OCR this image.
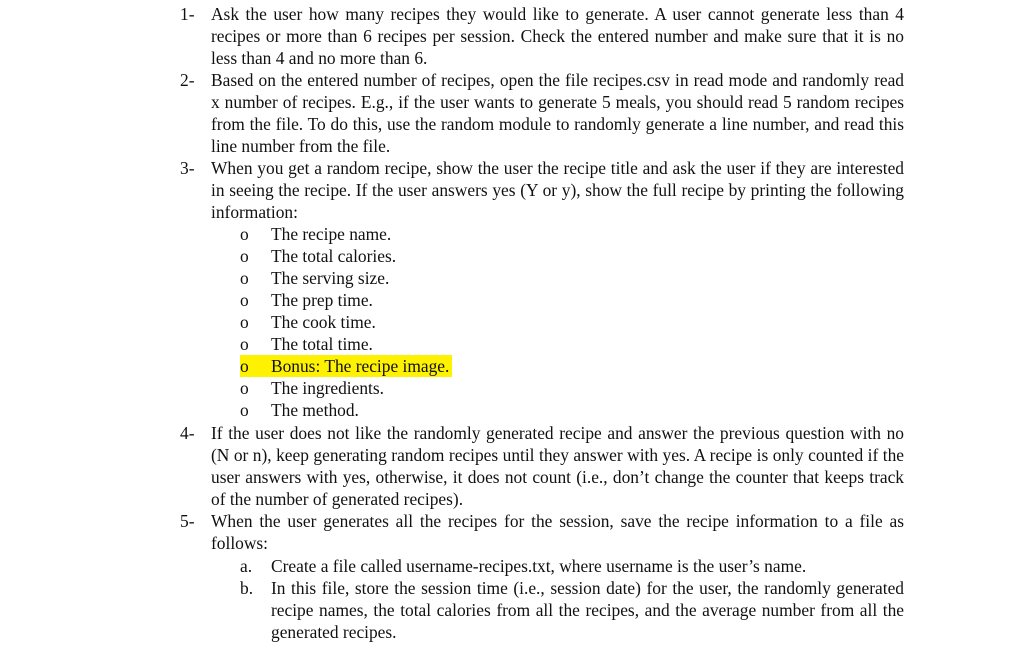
1- Ask the user how many recipes they would like to generate. A user cannot generate less than 4 recipes or more than 6 recipes per session. Check the entered number and make sure that it is no less than 4 and no more than 6.
2- Based on the entered number of recipes, open the file recipes.csv in read mode and randomly read x number of recipes. E.g., if the user wants to generate 5 meals, you should read 5 random recipes from the file. To do this, use the random module to randomly generate a line number, and read this line number from the file.
3- When you get a random recipe, show the user the recipe title and ask the user if they are interested in seeing the recipe. If the user answers yes (Y or y), show the full recipe by printing the following information:
o The recipe name.
o The total calories.
o The serving size.
o The prep time.
o The cook time.
o The total time.
o Bonus: The recipe image.
o The ingredients.
o The method.
4- If the user does not like the randomly generated recipe and answer the previous question with no (N or n), keep generating random recipes until they answer with yes. A recipe is only counted if the user answers with yes, otherwise, it does not count (i.e., don’t change the counter that keeps track of the number of generated recipes).
5- When the user generates all the recipes for the session, save the recipe information to a file as follows:
a.	Create a file called username-recipes.txt, where username is the user’s name.
b.	In this file, store the session time (i.e., session date) for the user, the randomly generated recipe names, the total calories from all the recipes, and the average number from all the generated recipes.
